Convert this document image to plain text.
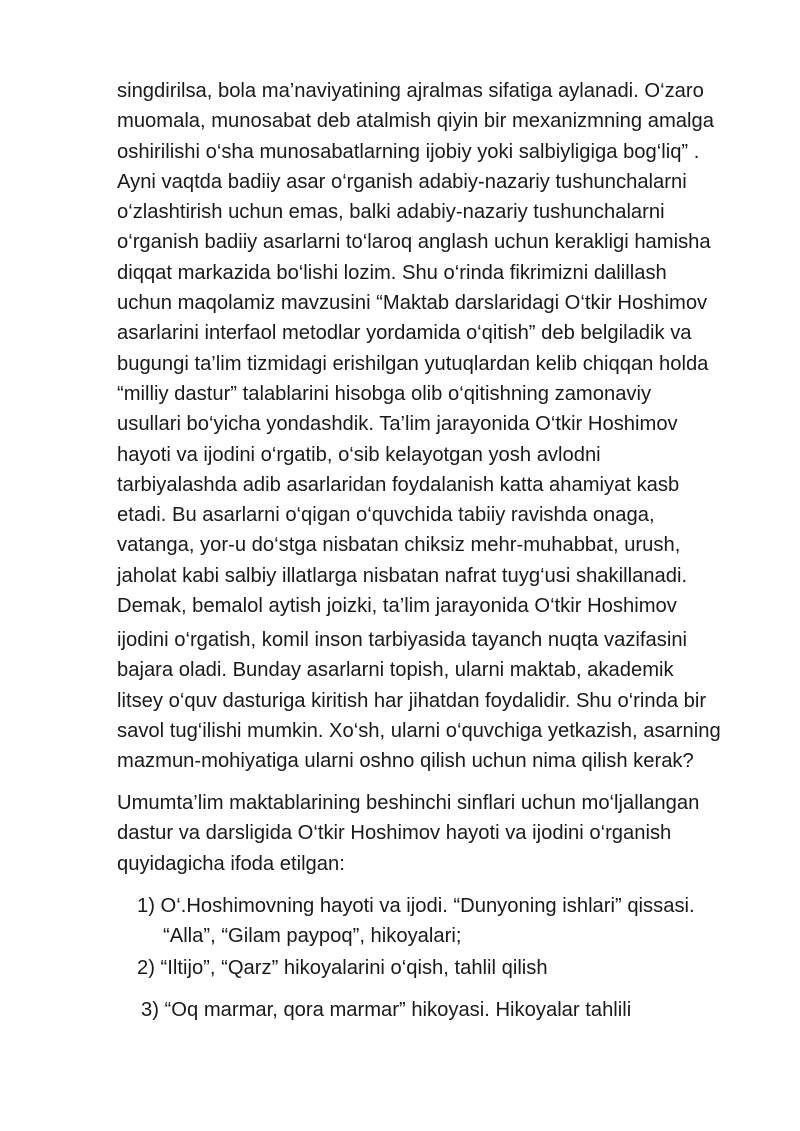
singdirilsa, bola ma’naviyatining ajralmas sifatiga aylanadi. O‘zaro
muomala, munosabat deb atalmish qiyin bir mexanizmning amalga
oshirilishi o‘sha munosabatlarning ijobiy yoki salbiyligiga bog‘liq” .
Ayni vaqtda badiiy asar o‘rganish adabiy-nazariy tushunchalarni
o‘zlashtirish uchun emas, balki adabiy-nazariy tushunchalarni
o‘rganish badiiy asarlarni to‘laroq anglash uchun kerakligi hamisha
diqqat markazida bo‘lishi lozim. Shu o‘rinda fikrimizni dalillash
uchun maqolamiz mavzusini “Maktab darslaridagi O‘tkir Hoshimov
asarlarini interfaol metodlar yordamida o‘qitish” deb belgiladik va
bugungi ta’lim tizmidagi erishilgan yutuqlardan kelib chiqqan holda
“milliy dastur” talablarini hisobga olib o‘qitishning zamonaviy
usullari bo‘yicha yondashdik. Ta’lim jarayonida O‘tkir Hoshimov
hayoti va ijodini o‘rgatib, o‘sib kelayotgan yosh avlodni
tarbiyalashda adib asarlaridan foydalanish katta ahamiyat kasb
etadi. Bu asarlarni o‘qigan o‘quvchida tabiiy ravishda onaga,
vatanga, yor-u do‘stga nisbatan chiksiz mehr-muhabbat, urush,
jaholat kabi salbiy illatlarga nisbatan nafrat tuyg‘usi shakillanadi.
Demak, bemalol aytish joizki, ta’lim jarayonida O‘tkir Hoshimov
ijodini o‘rgatish, komil inson tarbiyasida tayanch nuqta vazifasini
bajara oladi. Bunday asarlarni topish, ularni maktab, akademik
litsey o‘quv dasturiga kiritish har jihatdan foydalidir. Shu o‘rinda bir
savol tug‘ilishi mumkin. Xo‘sh, ularni o‘quvchiga yetkazish, asarning
mazmun-mohiyatiga ularni oshno qilish uchun nima qilish kerak?
Umumta’lim maktablarining beshinchi sinflari uchun mo‘ljallangan
dastur va darsligida O‘tkir Hoshimov hayoti va ijodini o‘rganish
quyidagicha ifoda etilgan:
1) O‘.Hoshimovning hayoti va ijodi. “Dunyoning ishlari” qissasi.
“Alla”, “Gilam paypoq”, hikoyalari;
2) “Iltijo”, “Qarz” hikoyalarini o‘qish, tahlil qilish
3) “Oq marmar, qora marmar” hikoyasi. Hikoyalar tahlili
